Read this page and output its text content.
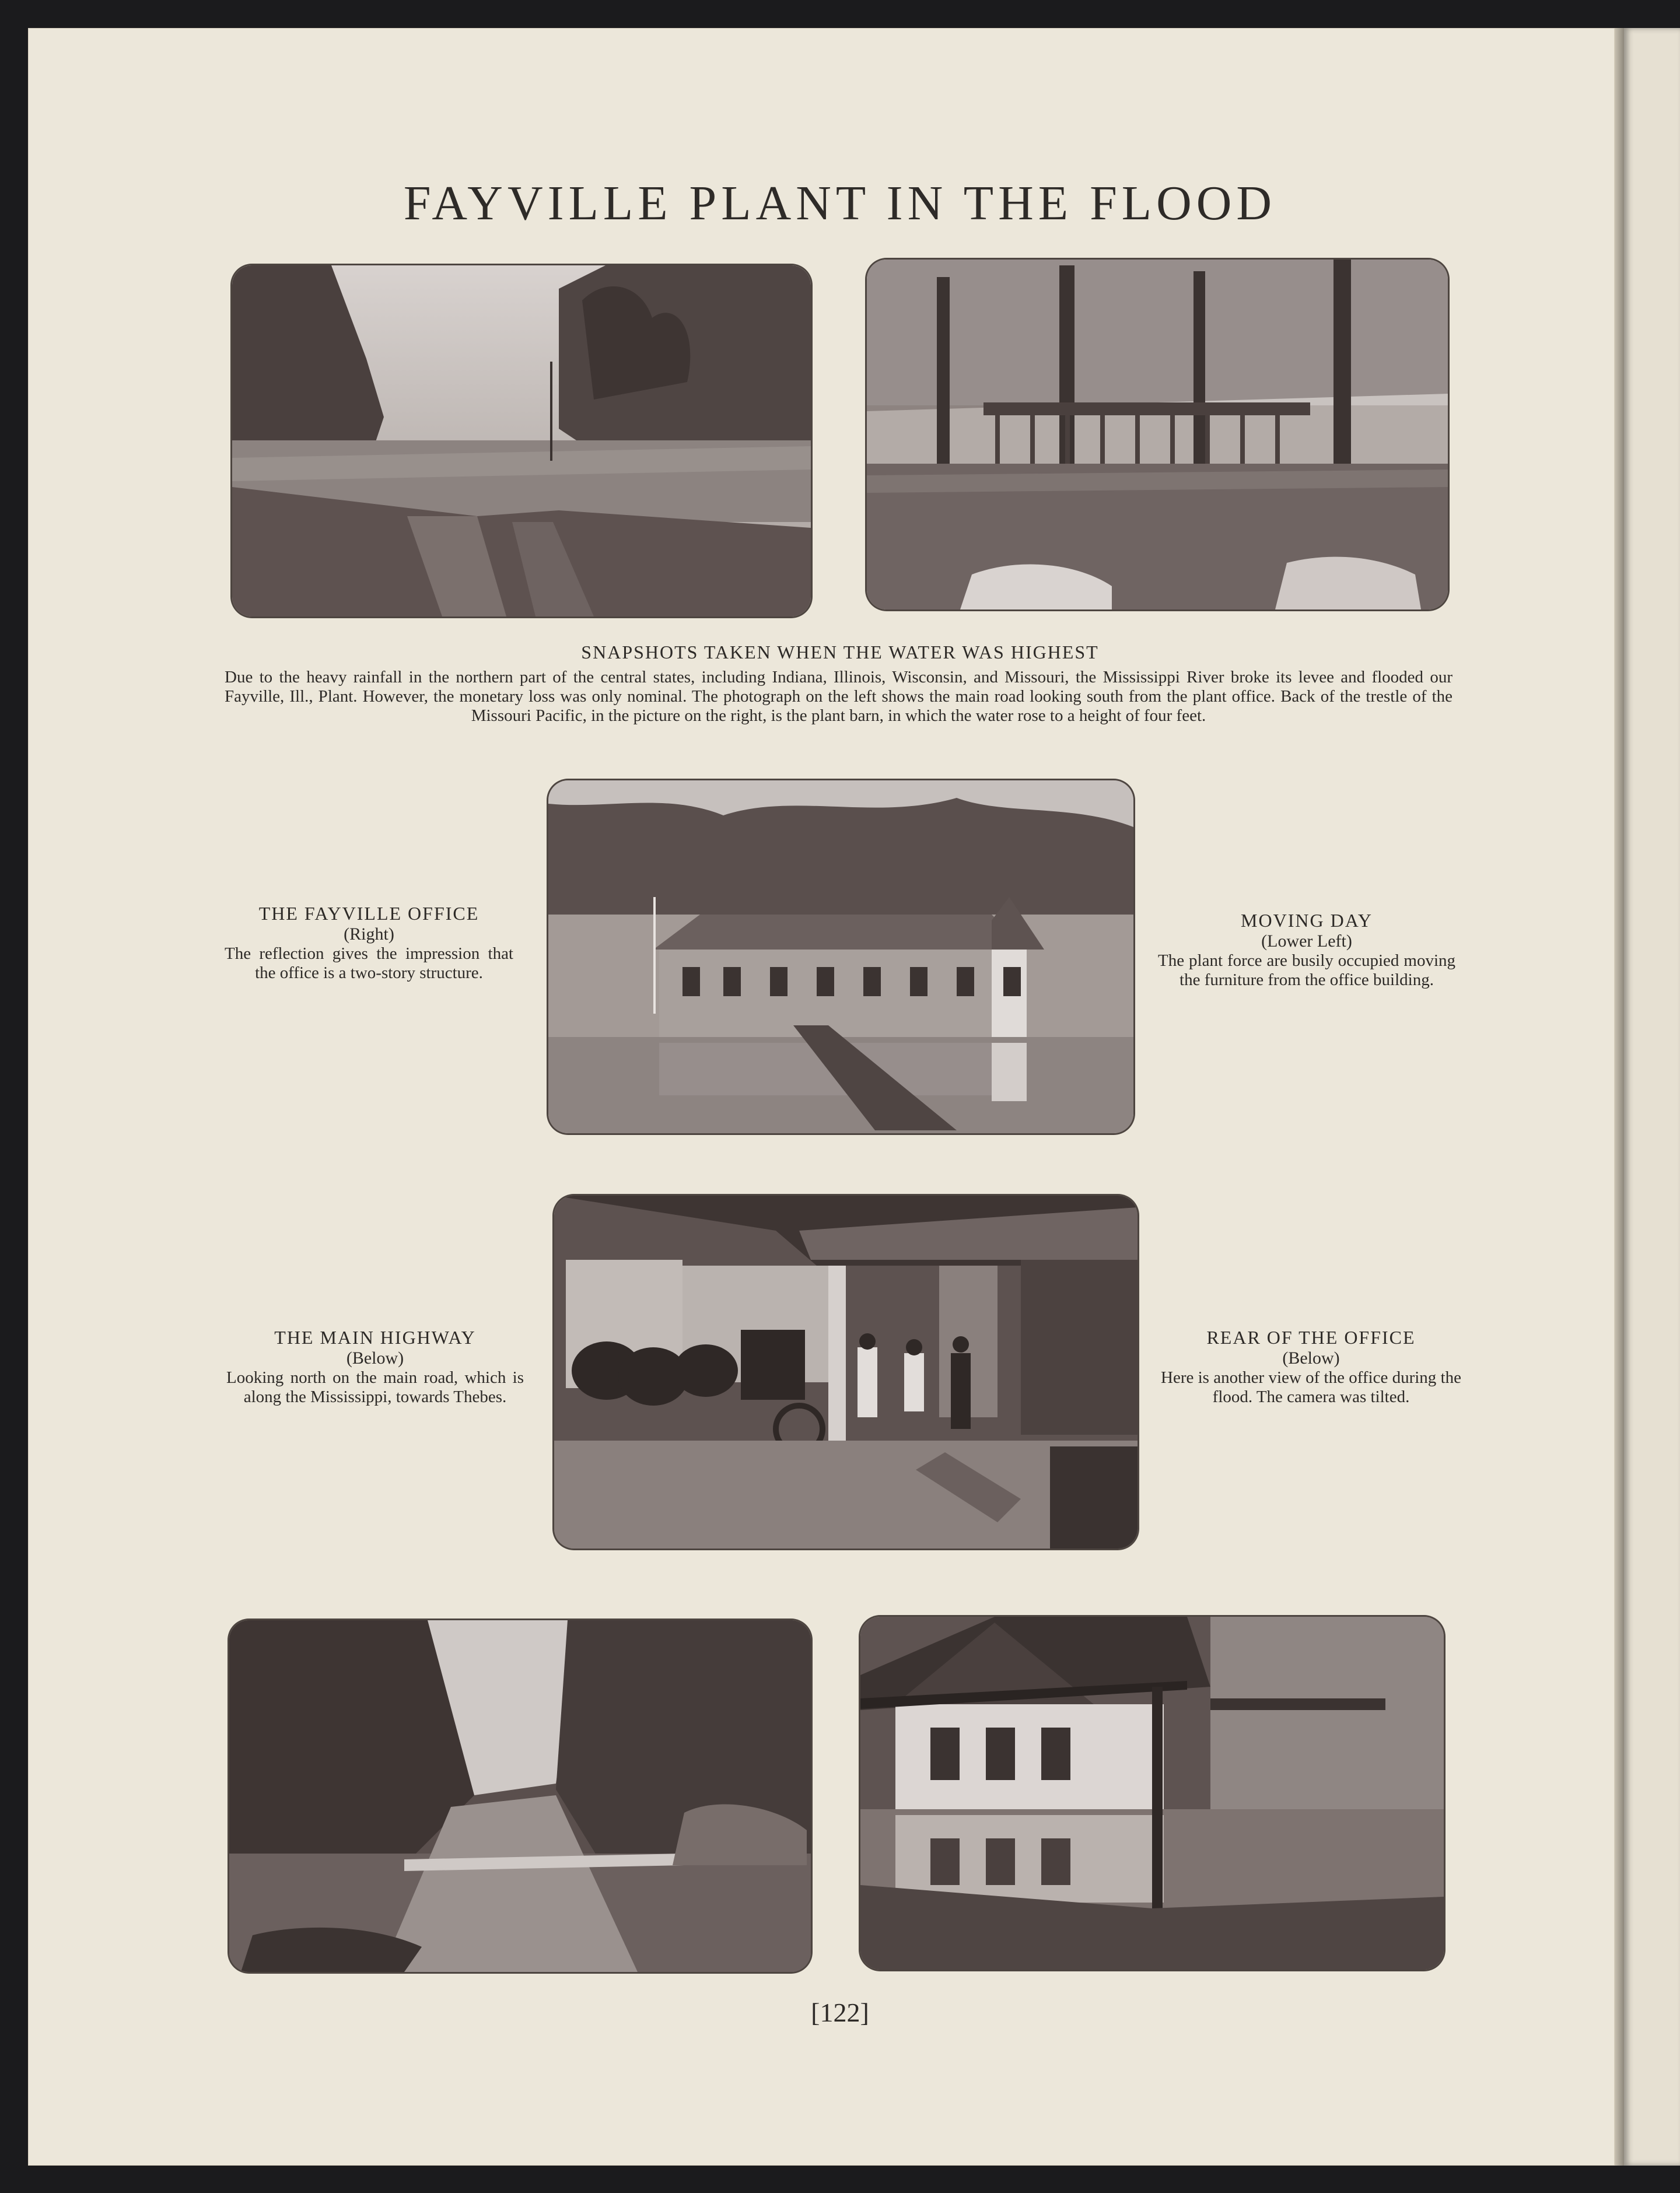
FAYVILLE PLANT IN THE FLOOD
SNAPSHOTS TAKEN WHEN THE WATER WAS HIGHEST
Due to the heavy rainfall in the northern part of the central states, including Indiana, Illinois, Wisconsin, and Missouri, the Mississippi River broke its levee and flooded our Fayville, Ill., Plant. However, the monetary loss was only nominal. The photograph on the left shows the main road looking south from the plant office. Back of the trestle of the Missouri Pacific, in the picture on the right, is the plant barn, in which the water rose to a height of four feet.
THE FAYVILLE OFFICE
(Right)
The reflection gives the impression that the office is a two-story structure.
MOVING DAY
(Lower Left)
The plant force are busily occupied moving the furniture from the office building.
THE MAIN HIGHWAY
(Below)
Looking north on the main road, which is along the Mississippi, towards Thebes.
REAR OF THE OFFICE
(Below)
Here is another view of the office during the flood. The camera was tilted.
[122]
